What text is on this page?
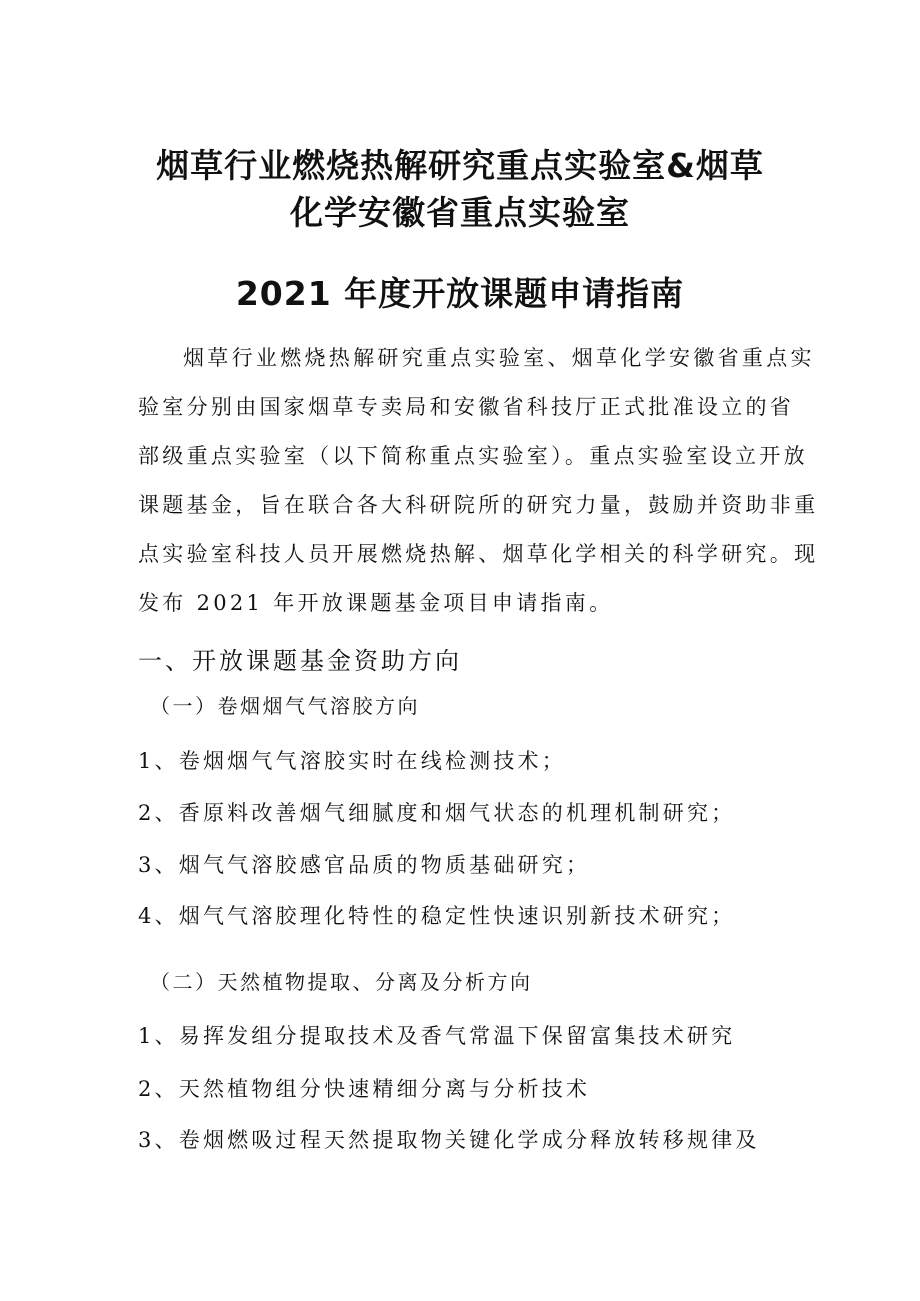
烟草行业燃烧热解研究重点实验室&烟草
化学安徽省重点实验室
2021 年度开放课题申请指南
烟草行业燃烧热解研究重点实验室、烟草化学安徽省重点实
验室分别由国家烟草专卖局和安徽省科技厅正式批准设立的省
部级重点实验室（以下简称重点实验室）。重点实验室设立开放
课题基金，旨在联合各大科研院所的研究力量，鼓励并资助非重
点实验室科技人员开展燃烧热解、烟草化学相关的科学研究。现
发布 2021 年开放课题基金项目申请指南。
一、开放课题基金资助方向
（一）卷烟烟气气溶胶方向
1、卷烟烟气气溶胶实时在线检测技术；
2、香原料改善烟气细腻度和烟气状态的机理机制研究；
3、烟气气溶胶感官品质的物质基础研究；
4、烟气气溶胶理化特性的稳定性快速识别新技术研究；
（二）天然植物提取、分离及分析方向
1、易挥发组分提取技术及香气常温下保留富集技术研究
2、天然植物组分快速精细分离与分析技术
3、卷烟燃吸过程天然提取物关键化学成分释放转移规律及
